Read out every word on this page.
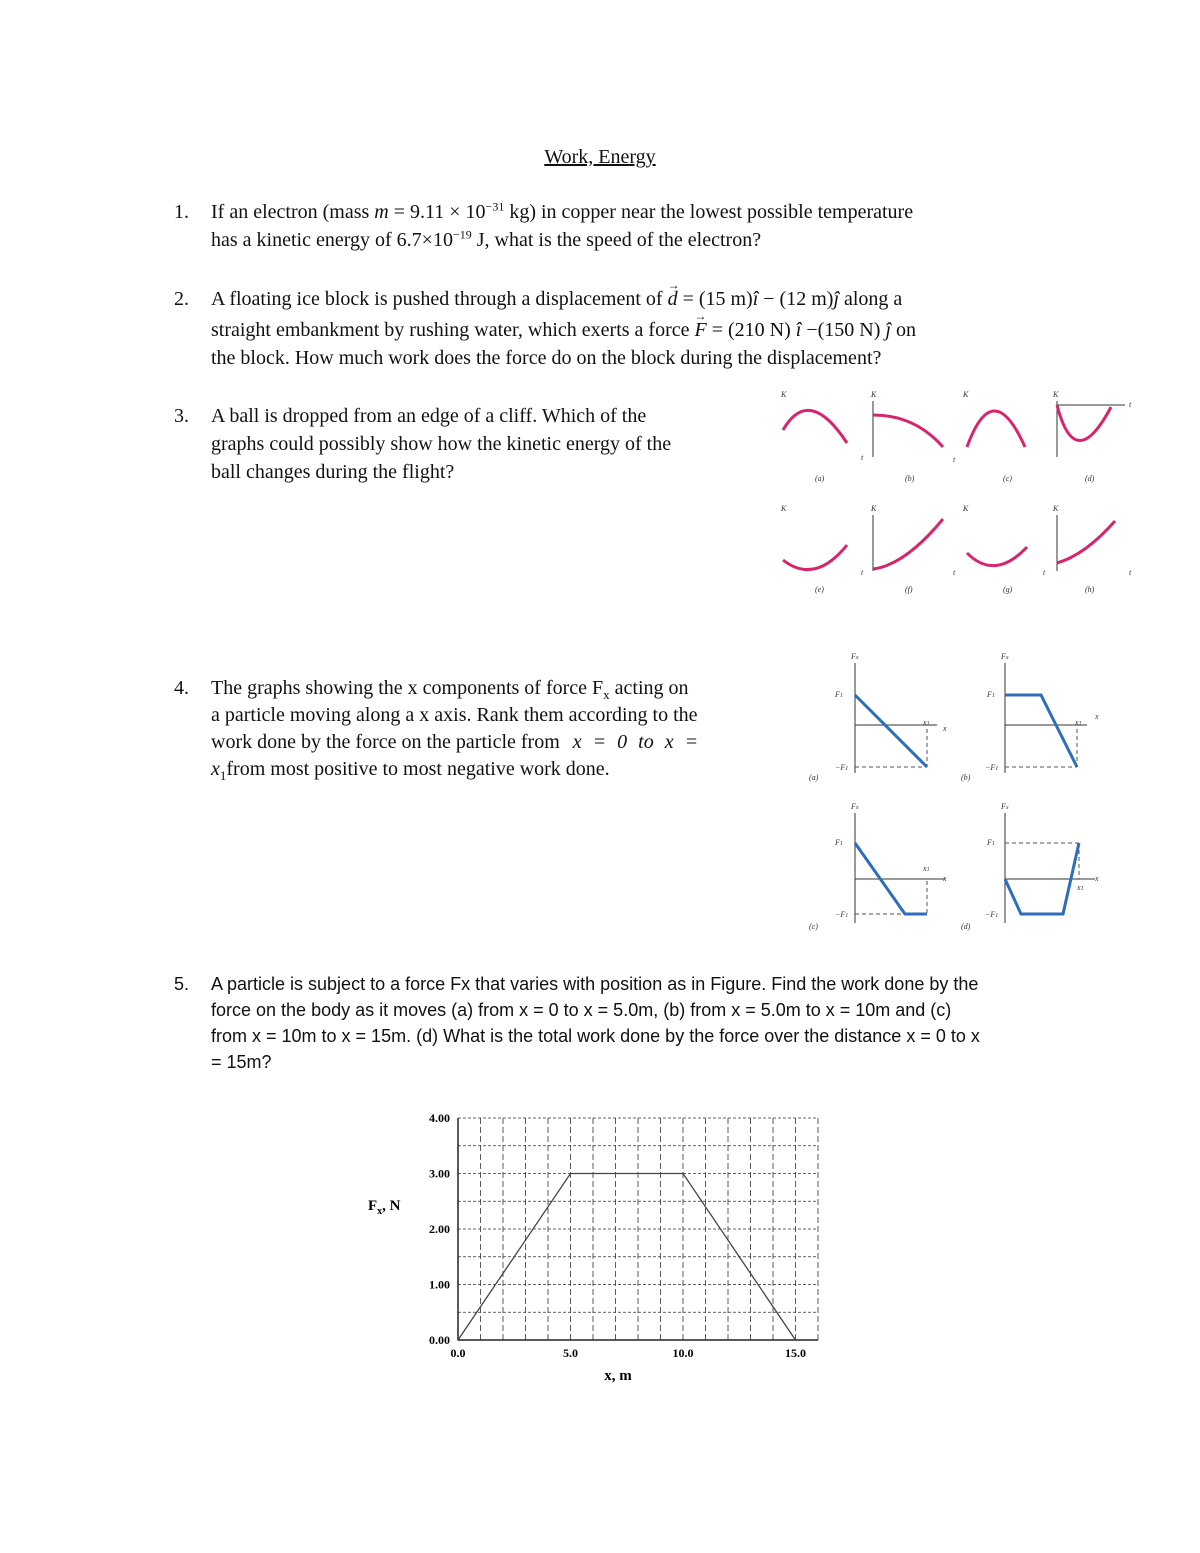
Work, Energy
1. If an electron (mass $m = 9.11 \times 10^{-31}$ kg) in copper near the lowest possible temperature
has a kinetic energy of $6.7\times 10^{-19}$ J, what is the speed of the electron?
2. A floating ice block is pushed through a displacement of → d = (15 m)î − (12 m)ĵ along a
straight embankment by rushing water, which exerts a force → F = (210 N) î −(150 N) ĵ on
the block. How much work does the force do on the block during the displacement?
3. A ball is dropped from an edge of a cliff. Which of the
graphs could possibly show how the kinetic energy of the
ball changes during the flight?
K
(a)
K
t
(b)
K
t
(c)
K
t
(d)
K
(e)
K
t
(f)
K
t
(g)
K
t	t
(h)
4. The graphs showing the x components of force $F_x$ acting on
a particle moving along a x axis. Rank them according to the
work done by the force on the particle from x = 0 to x =
$x_1from$ most positive to most negative work done.
Fx
F1
−F1
x1 x
(a)
Fx
F1
−F1
x1
x
(b)
Fx
F1
−F1
x1
x
(c)
Fx
F1
−F1
x1
x
(d)
5. A particle is subject to a force Fx that varies with position as in Figure. Find the work done by the
force on the body as it moves (a) from x = 0 to x = 5.0m, (b) from x = 5.0m to x = 10m and (c)
from x = 10m to x = 15m. (d) What is the total work done by the force over the distance x = 0 to x
= 15m?
0.00
1.00
2.00
3.00
4.00
0.0	5.0	10.0	15.0
$F_x$, N
x, m
